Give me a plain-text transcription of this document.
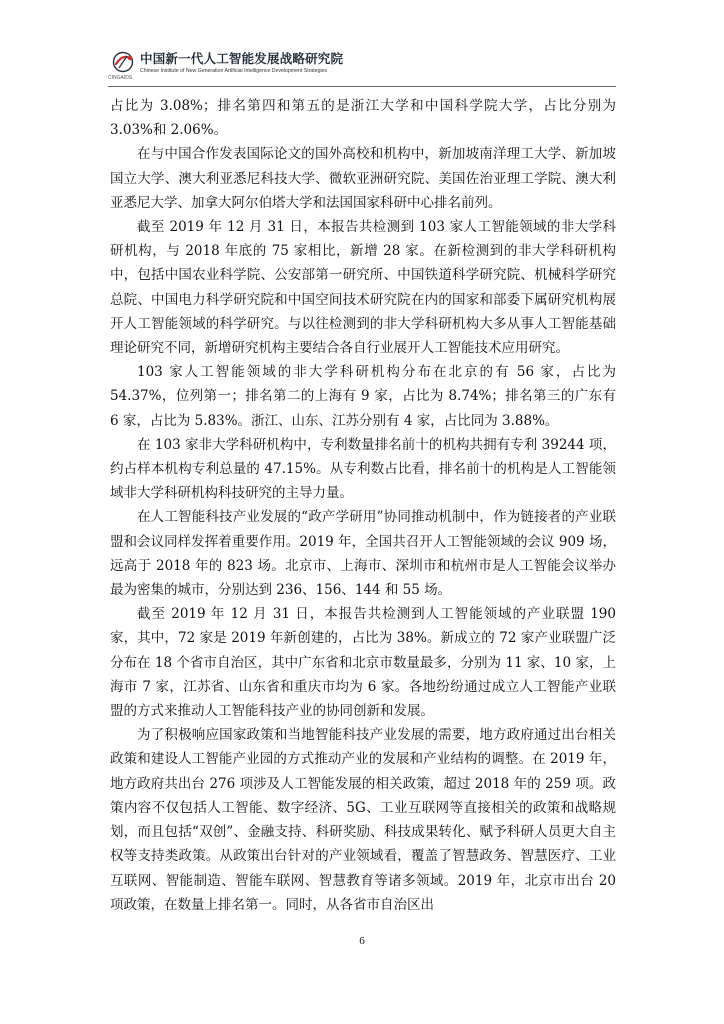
中国新一代人工智能发展战略研究院
Chinese Institute of New Generation Artificial Intelligence Development Strategies
CINGAIDS

占比为 3.08%；排名第四和第五的是浙江大学和中国科学院大学，占比分别为 3.03%和 2.06%。

在与中国合作发表国际论文的国外高校和机构中，新加坡南洋理工大学、新加坡国立大学、澳大利亚悉尼科技大学、微软亚洲研究院、美国佐治亚理工学院、澳大利亚悉尼大学、加拿大阿尔伯塔大学和法国国家科研中心排名前列。

截至 2019 年 12 月 31 日，本报告共检测到 103 家人工智能领域的非大学科研机构，与 2018 年底的 75 家相比，新增 28 家。在新检测到的非大学科研机构中，包括中国农业科学院、公安部第一研究所、中国铁道科学研究院、机械科学研究总院、中国电力科学研究院和中国空间技术研究院在内的国家和部委下属研究机构展开人工智能领域的科学研究。与以往检测到的非大学科研机构大多从事人工智能基础理论研究不同，新增研究机构主要结合各自行业展开人工智能技术应用研究。

103 家人工智能领域的非大学科研机构分布在北京的有 56 家，占比为 54.37%，位列第一；排名第二的上海有 9 家，占比为 8.74%；排名第三的广东有 6 家，占比为 5.83%。浙江、山东、江苏分别有 4 家，占比同为 3.88%。

在 103 家非大学科研机构中，专利数量排名前十的机构共拥有专利 39244 项，约占样本机构专利总量的 47.15%。从专利数占比看，排名前十的机构是人工智能领域非大学科研机构科技研究的主导力量。

在人工智能科技产业发展的“政产学研用”协同推动机制中，作为链接者的产业联盟和会议同样发挥着重要作用。2019 年，全国共召开人工智能领域的会议 909 场，远高于 2018 年的 823 场。北京市、上海市、深圳市和杭州市是人工智能会议举办最为密集的城市，分别达到 236、156、144 和 55 场。

截至 2019 年 12 月 31 日，本报告共检测到人工智能领域的产业联盟 190 家，其中，72 家是 2019 年新创建的，占比为 38%。新成立的 72 家产业联盟广泛分布在 18 个省市自治区，其中广东省和北京市数量最多，分别为 11 家、10 家，上海市 7 家，江苏省、山东省和重庆市均为 6 家。各地纷纷通过成立人工智能产业联盟的方式来推动人工智能科技产业的协同创新和发展。

为了积极响应国家政策和当地智能科技产业发展的需要，地方政府通过出台相关政策和建设人工智能产业园的方式推动产业的发展和产业结构的调整。在 2019 年，地方政府共出台 276 项涉及人工智能发展的相关政策，超过 2018 年的 259 项。政策内容不仅包括人工智能、数字经济、5G、工业互联网等直接相关的政策和战略规划，而且包括“双创”、金融支持、科研奖励、科技成果转化、赋予科研人员更大自主权等支持类政策。从政策出台针对的产业领域看，覆盖了智慧政务、智慧医疗、工业互联网、智能制造、智能车联网、智慧教育等诸多领域。2019 年，北京市出台 20 项政策，在数量上排名第一。同时，从各省市自治区出

6
